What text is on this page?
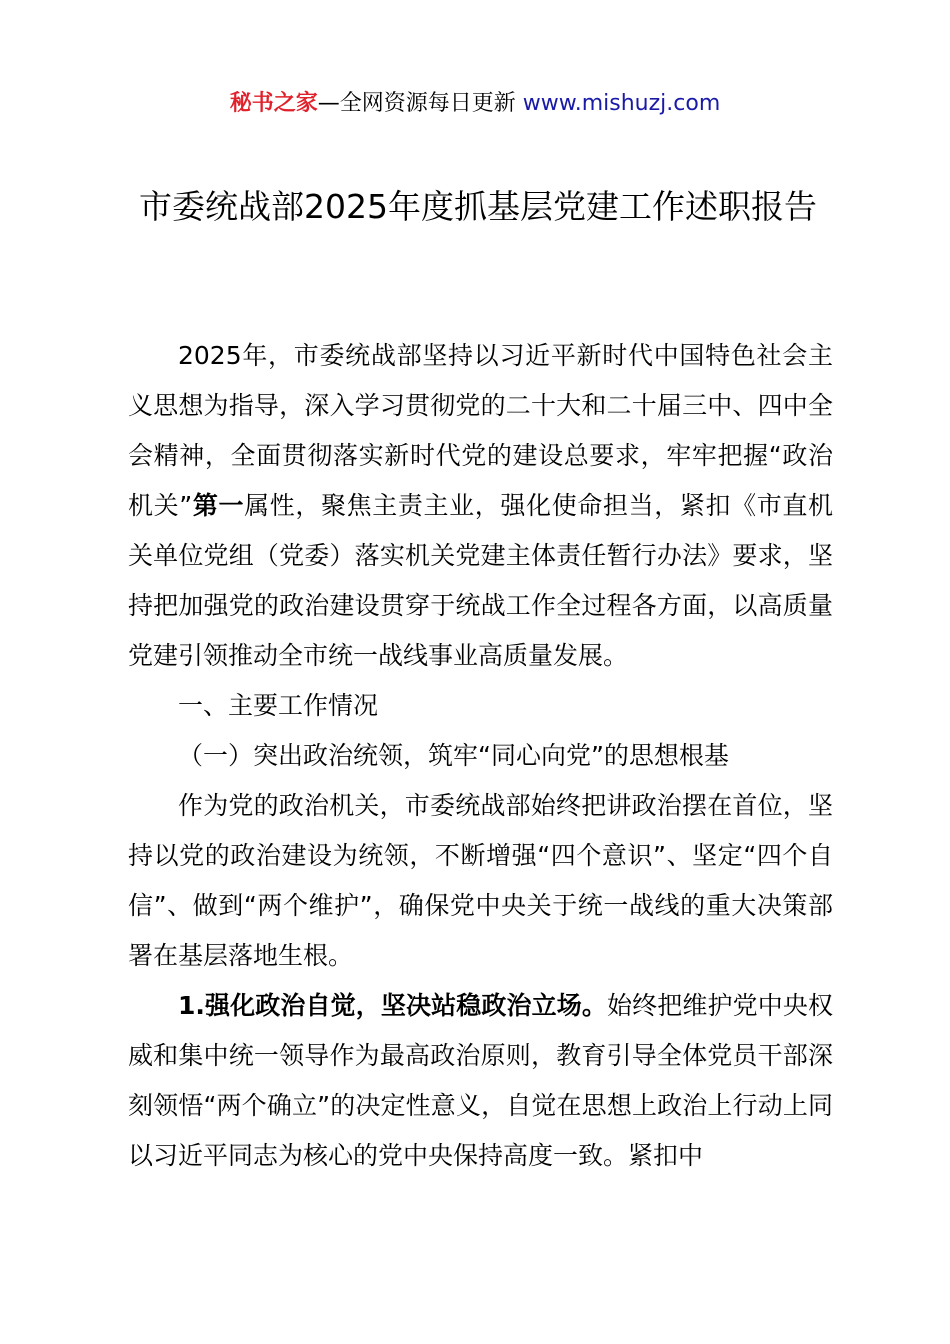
秘书之家—全网资源每日更新 www.mishuzj.com
市委统战部2025年度抓基层党建工作述职报告

2025年，市委统战部坚持以习近平新时代中国特色社会主义思想为指导，深入学习贯彻党的二十大和二十届三中、四中全会精神，全面贯彻落实新时代党的建设总要求，牢牢把握“政治机关”第一属性，聚焦主责主业，强化使命担当，紧扣《市直机关单位党组（党委）落实机关党建主体责任暂行办法》要求，坚持把加强党的政治建设贯穿于统战工作全过程各方面，以高质量党建引领推动全市统一战线事业高质量发展。

一、主要工作情况

（一）突出政治统领，筑牢“同心向党”的思想根基

作为党的政治机关，市委统战部始终把讲政治摆在首位，坚持以党的政治建设为统领，不断增强“四个意识”、坚定“四个自信”、做到“两个维护”，确保党中央关于统一战线的重大决策部署在基层落地生根。

1.强化政治自觉，坚决站稳政治立场。始终把维护党中央权威和集中统一领导作为最高政治原则，教育引导全体党员干部深刻领悟“两个确立”的决定性意义，自觉在思想上政治上行动上同以习近平同志为核心的党中央保持高度一致。紧扣中
